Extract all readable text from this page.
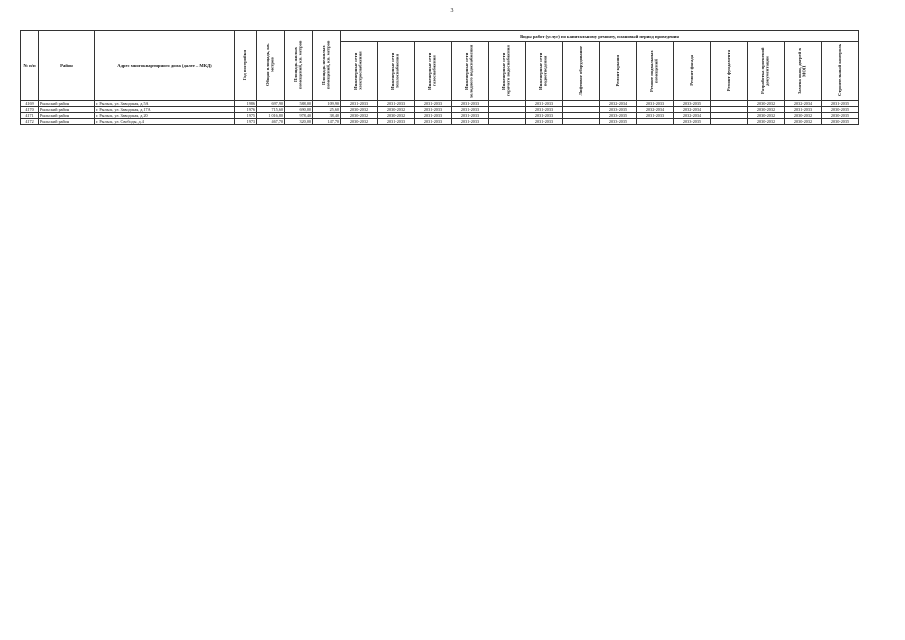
3
№ п/п	Район	Адрес многоквартирного дома (далее – МКД)	Год постройки	Общая площадь, кв. метров	Площадь жилых помещений, кв. метров	Площадь нежилых помещений, кв. метров	Виды работ (услуг) по капитальному ремонту, плановый период проведения													
							Инженерные сети электроснабжения	Инженерные сети теплоснабжения	Инженерные сети газоснабжения	Инженерные сети холодного водоснабжения	Инженерные сети горячего водоснабжения	Инженерные сети водоотведения	Лифтовое оборудование	Ремонт крыши	Ремонт подвальных помещений	Ремонт фасада	Ремонт фундамента	Разработка проектной документации	Замена окон, дверей в МОП	Строительный контроль
4169	Рыльский район	г. Рыльск, ул. Заводская, д.5А	1986	697,90	588,00	109,90	2031-2033	2031-2033	2031-2033	2031-2033		2031-2033		2032-2034	2031-2033	2033-2035		2030-2032	2032-2034	2031-2035
4170	Рыльский район	г. Рыльск, ул. Заводская, д.17А	1976	715,60	690,00	25,60	2030-2032	2030-2032	2031-2033	2031-2033		2031-2033		2033-2035	2032-2034	2032-2034		2030-2032	2031-2033	2030-2035
4171	Рыльский район	г. Рыльск, ул. Заводская, д.20	1975	1 016,80	978,40	38,40	2030-2032	2030-2032	2031-2033	2031-2033		2031-2033		2033-2035	2031-2033	2032-2034		2030-2032	2030-2032	2030-2035
4172	Рыльский район	г. Рыльск, ул. Свободы, д.4	1973	467,70	320,00	147,70	2030-2032	2031-2033	2031-2033	2031-2033		2031-2033		2033-2035		2033-2035		2030-2032	2030-2032	2030-2035
